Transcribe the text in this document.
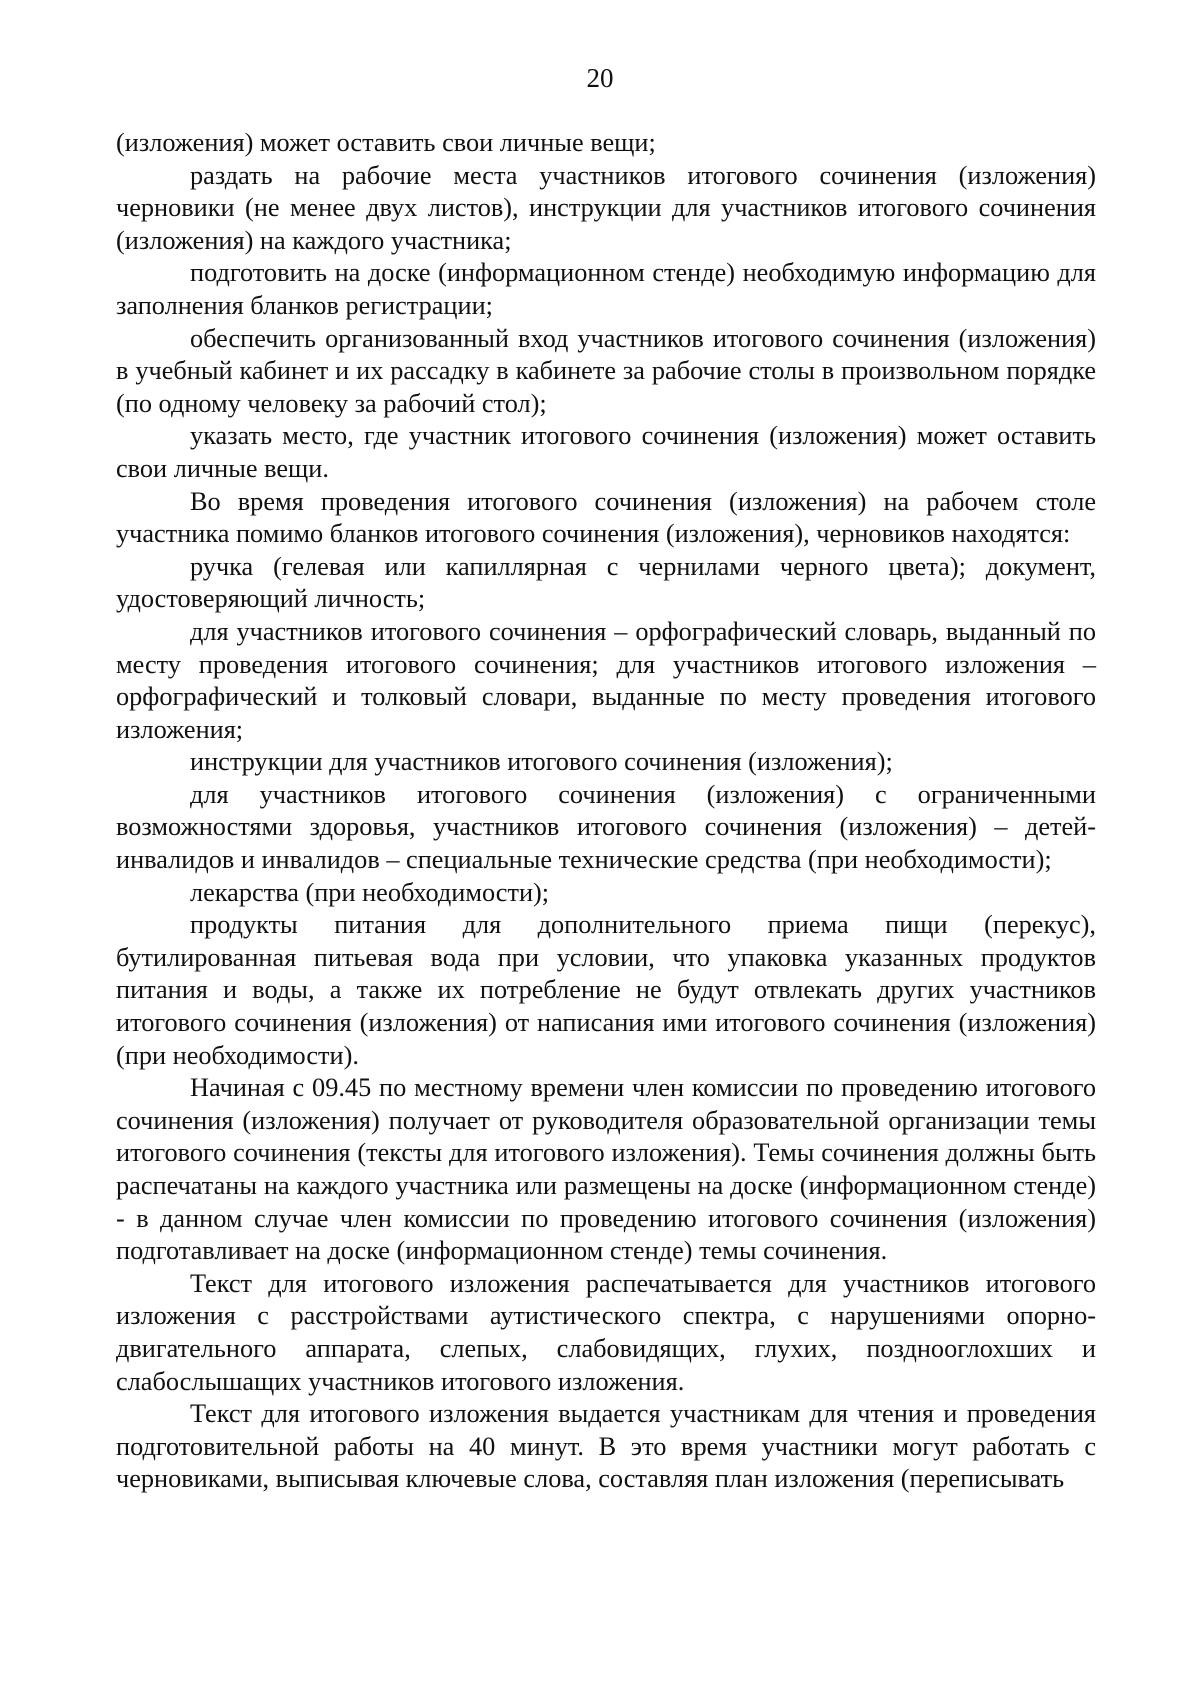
20

(изложения) может оставить свои личные вещи;

раздать на рабочие места участников итогового сочинения (изложения) черновики (не менее двух листов), инструкции для участников итогового сочинения (изложения) на каждого участника;

подготовить на доске (информационном стенде) необходимую информацию для заполнения бланков регистрации;

обеспечить организованный вход участников итогового сочинения (изложения) в учебный кабинет и их рассадку в кабинете за рабочие столы в произвольном порядке (по одному человеку за рабочий стол);

указать место, где участник итогового сочинения (изложения) может оставить свои личные вещи.

Во время проведения итогового сочинения (изложения) на рабочем столе участника помимо бланков итогового сочинения (изложения), черновиков находятся:

ручка (гелевая или капиллярная с чернилами черного цвета); документ, удостоверяющий личность;

для участников итогового сочинения – орфографический словарь, выданный по месту проведения итогового сочинения; для участников итогового изложения – орфографический и толковый словари, выданные по месту проведения итогового изложения;

инструкции для участников итогового сочинения (изложения);

для участников итогового сочинения (изложения) с ограниченными возможностями здоровья, участников итогового сочинения (изложения) – детей-инвалидов и инвалидов – специальные технические средства (при необходимости);

лекарства (при необходимости);

продукты питания для дополнительного приема пищи (перекус), бутилированная питьевая вода при условии, что упаковка указанных продуктов питания и воды, а также их потребление не будут отвлекать других участников итогового сочинения (изложения) от написания ими итогового сочинения (изложения) (при необходимости).

Начиная с 09.45 по местному времени член комиссии по проведению итогового сочинения (изложения) получает от руководителя образовательной организации темы итогового сочинения (тексты для итогового изложения). Темы сочинения должны быть распечатаны на каждого участника или размещены на доске (информационном стенде) - в данном случае член комиссии по проведению итогового сочинения (изложения) подготавливает на доске (информационном стенде) темы сочинения.

Текст для итогового изложения распечатывается для участников итогового изложения с расстройствами аутистического спектра, с нарушениями опорно-двигательного аппарата, слепых, слабовидящих, глухих, позднооглохших и слабослышащих участников итогового изложения.

Текст для итогового изложения выдается участникам для чтения и проведения подготовительной работы на 40 минут. В это время участники могут работать с черновиками, выписывая ключевые слова, составляя план изложения (переписывать
